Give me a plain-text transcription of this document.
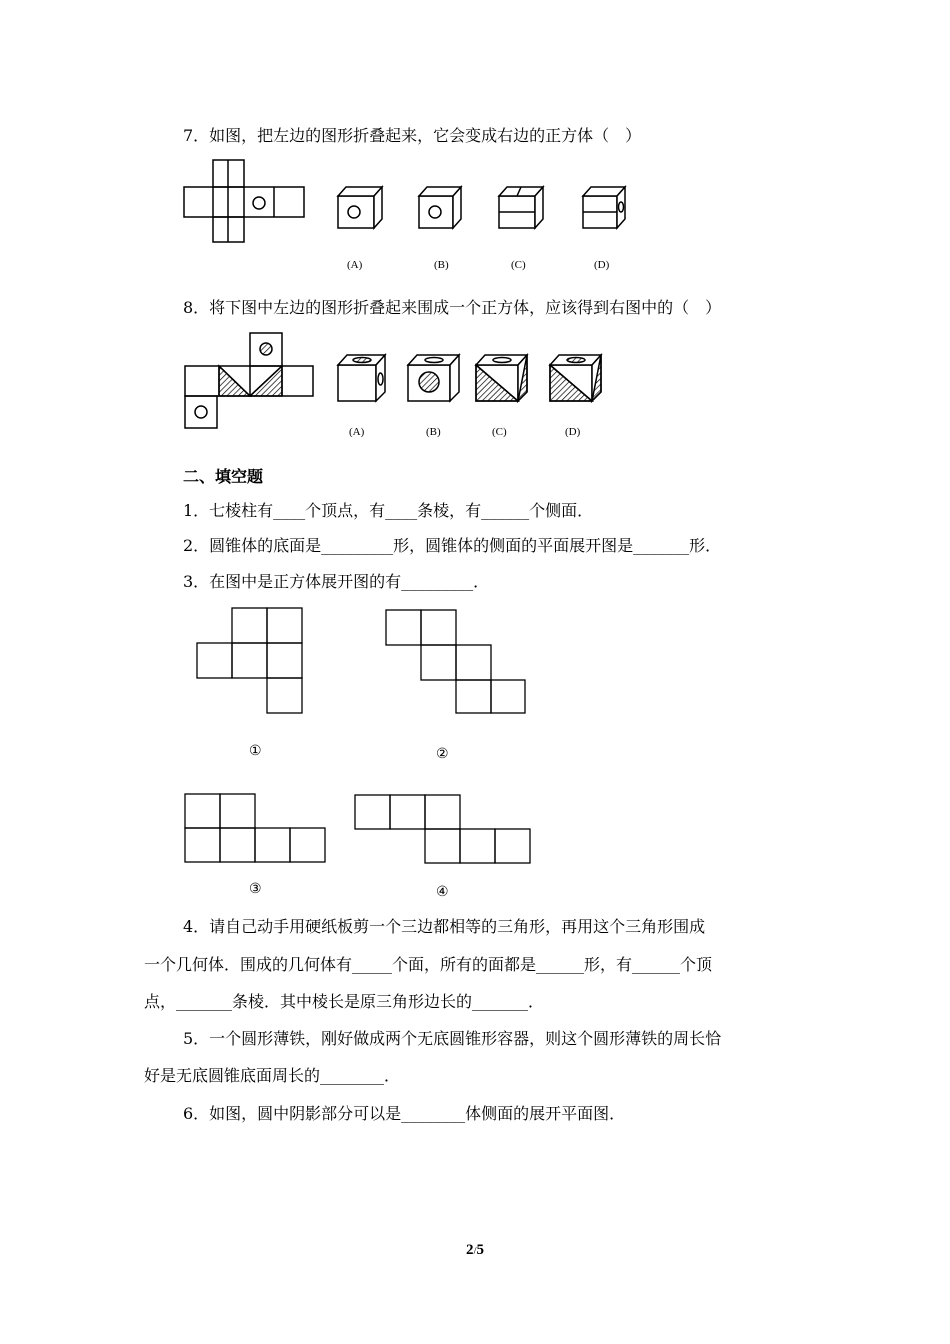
7．如图，把左边的图形折叠起来，它会变成右边的正方体（　）
(A)	(B)	(C)	(D)
8．将下图中左边的图形折叠起来围成一个正方体，应该得到右图中的（　）
(A)	(B)	(C)	(D)
二、填空题
1．七棱柱有____个顶点，有____条棱，有______个侧面．
2．圆锥体的底面是_________形，圆锥体的侧面的平面展开图是_______形．
3．在图中是正方体展开图的有_________．
①	②
③	④
4．请自己动手用硬纸板剪一个三边都相等的三角形，再用这个三角形围成
一个几何体．围成的几何体有_____个面，所有的面都是______形，有______个顶
点，_______条棱．其中棱长是原三角形边长的_______．
5．一个圆形薄铁，刚好做成两个无底圆锥形容器，则这个圆形薄铁的周长恰
好是无底圆锥底面周长的________．
6．如图，圆中阴影部分可以是________体侧面的展开平面图．
2/5
